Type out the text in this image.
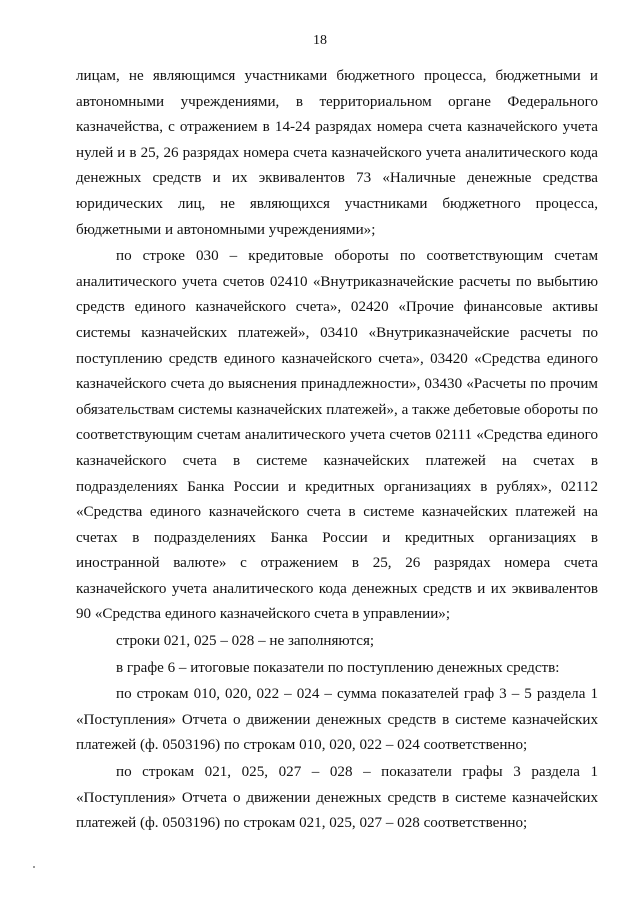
18

лицам, не являющимся участниками бюджетного процесса, бюджетными и автономными учреждениями, в территориальном органе Федерального казначейства, с отражением в 14-24 разрядах номера счета казначейского учета нулей и в 25, 26 разрядах номера счета казначейского учета аналитического кода денежных средств и их эквивалентов 73 «Наличные денежные средства юридических лиц, не являющихся участниками бюджетного процесса, бюджетными и автономными учреждениями»;

по строке 030 – кредитовые обороты по соответствующим счетам аналитического учета счетов 02410 «Внутриказначейские расчеты по выбытию средств единого казначейского счета», 02420 «Прочие финансовые активы системы казначейских платежей», 03410 «Внутриказначейские расчеты по поступлению средств единого казначейского счета», 03420 «Средства единого казначейского счета до выяснения принадлежности», 03430 «Расчеты по прочим обязательствам системы казначейских платежей», а также дебетовые обороты по соответствующим счетам аналитического учета счетов 02111 «Средства единого казначейского счета в системе казначейских платежей на счетах в подразделениях Банка России и кредитных организациях в рублях», 02112 «Средства единого казначейского счета в системе казначейских платежей на счетах в подразделениях Банка России и кредитных организациях в иностранной валюте» с отражением в 25, 26 разрядах номера счета казначейского учета аналитического кода денежных средств и их эквивалентов 90 «Средства единого казначейского счета в управлении»;

строки 021, 025 – 028 – не заполняются;

в графе 6 – итоговые показатели по поступлению денежных средств:

по строкам 010, 020, 022 – 024 – сумма показателей граф 3 – 5 раздела 1 «Поступления» Отчета о движении денежных средств в системе казначейских платежей (ф. 0503196) по строкам 010, 020, 022 – 024 соответственно;

по строкам 021, 025, 027 – 028 – показатели графы 3 раздела 1 «Поступления» Отчета о движении денежных средств в системе казначейских платежей (ф. 0503196) по строкам 021, 025, 027 – 028 соответственно;
